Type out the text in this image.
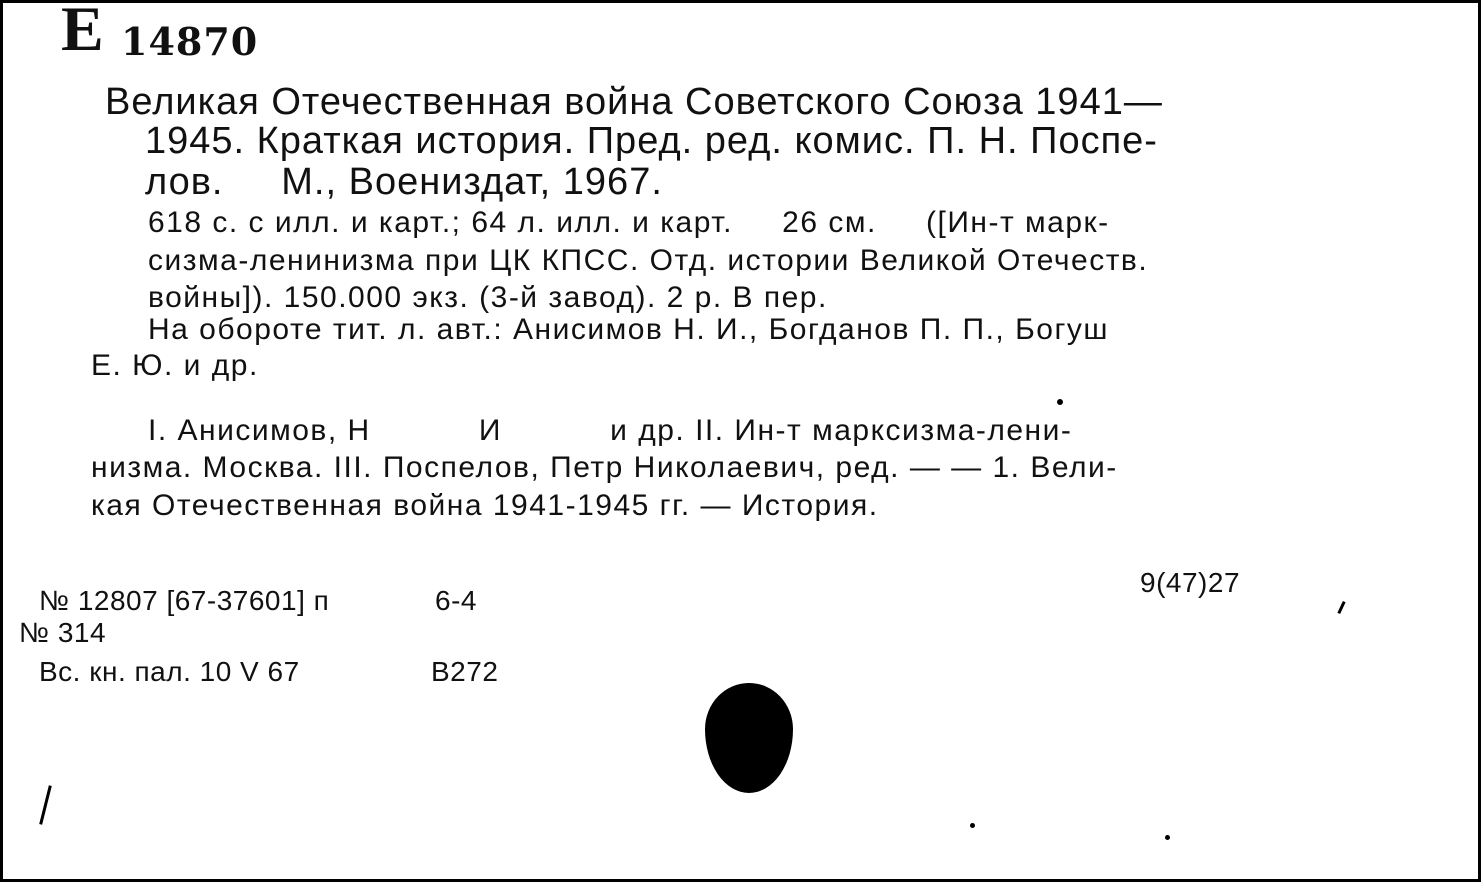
Е 14870
Великая Отечественная война Советского Союза 1941—
1945. Краткая история. Пред. ред. комис. П. Н. Поспе-
лов.     М., Воениздат, 1967.
618 с. с илл. и карт.; 64 л. илл. и карт.     26 см.     ([Ин-т марк-
сизма-ленинизма при ЦК КПСС. Отд. истории Великой Отечеств.
войны]). 150.000 экз. (3-й завод). 2 р. В пер.
На обороте тит. л. авт.: Анисимов Н. И., Богданов П. П., Богуш
Е. Ю. и др.
I. Анисимов, Н           И           и др. II. Ин-т марксизма-лени-
низма. Москва. III. Поспелов, Петр Николаевич, ред. — — 1. Вели-
кая Отечественная война 1941-1945 гг. — История.
9(47)27
№ 12807 [67-37601] п	6-4
№ 314
Вс. кн. пал. 10 V 67	В272
